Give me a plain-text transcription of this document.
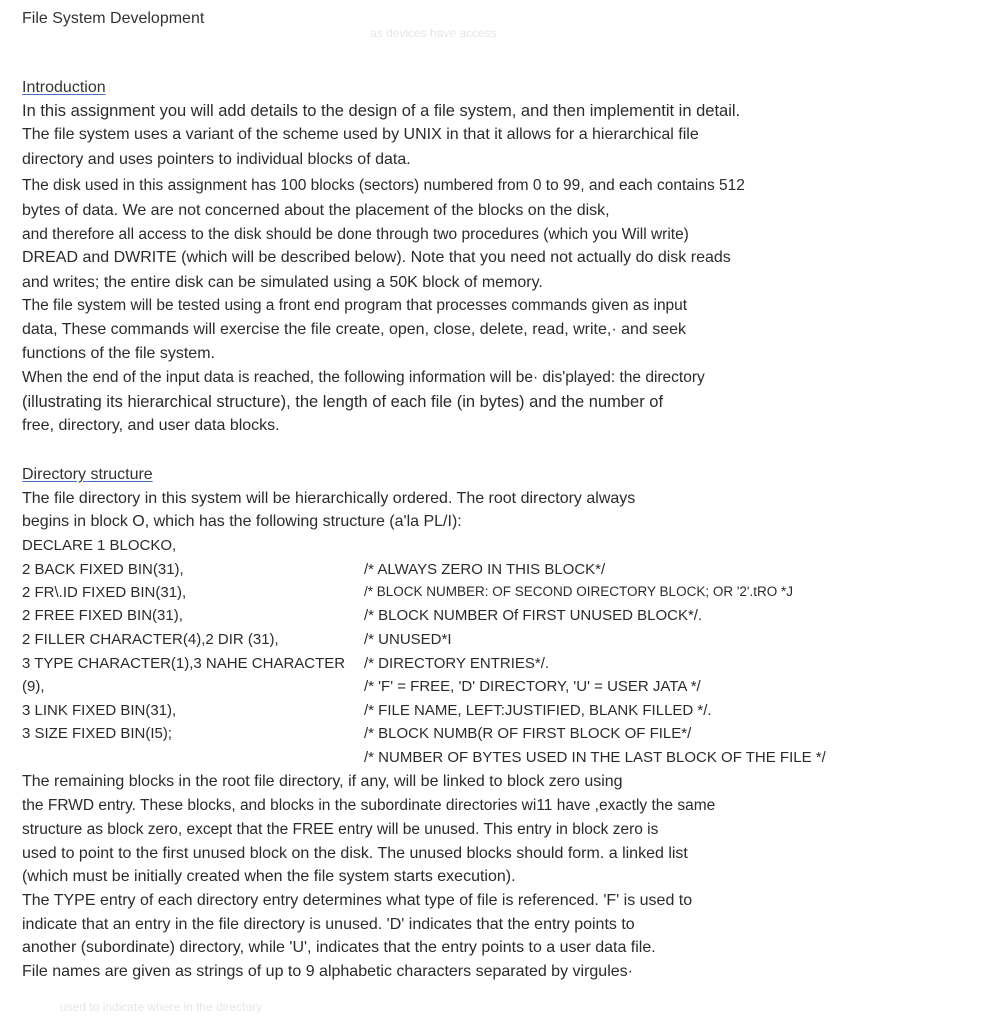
as devices have access
File System Development
Introduction
In this assignment you will add details to the design of a file system, and then implementit in detail.
The file system uses a variant of the scheme used by UNIX in that it allows for a hierarchical file
directory and uses pointers to individual blocks of data.
The disk used in this assignment has 100 blocks (sectors) numbered from 0 to 99, and each contains 512
bytes of data. We are not concerned about the placement of the blocks on the disk,
and therefore all access to the disk should be done through two procedures (which you Will write)
DREAD and DWRITE (which will be described below). Note that you need not actually do disk reads
and writes; the entire disk can be simulated using a 50K block of memory.
The file system will be tested using a front end program that processes commands given as input
data, These commands will exercise the file create, open, close, delete, read, write,· and seek
functions of the file system.
When the end of the input data is reached, the following information will be· dis'played: the directory
(illustrating its hierarchical structure), the length of each file (in bytes) and the number of
free, directory, and user data blocks.
Directory structure
The file directory in this system will be hierarchically ordered. The root directory always
begins in block O, which has the following structure (a'la PL/I):
DECLARE 1 BLOCKO,
2 BACK FIXED BIN(31),
2 FR\.ID FIXED BIN(31),
2 FREE FIXED BIN(31),
2 FILLER CHARACTER(4),2 DIR (31),
3 TYPE CHARACTER(1),3 NAHE CHARACTER
(9),
3 LINK FIXED BIN(31),
3 SIZE FIXED BIN(I5);
/* ALWAYS ZERO IN THIS BLOCK*/
/* BLOCK NUMBER: OF SECOND OIRECTORY BLOCK; OR '2'.tRO *J
/* BLOCK NUMBER Of FIRST UNUSED BLOCK*/.
/* UNUSED*I
/* DIRECTORY ENTRIES*/.
/* 'F' = FREE, 'D' DIRECTORY, 'U' = USER JATA */
/* FILE NAME, LEFT:JUSTIFIED, BLANK FILLED */.
/* BLOCK NUMB(R OF FIRST BLOCK OF FILE*/
/* NUMBER OF BYTES USED IN THE LAST BLOCK OF THE FILE */
The remaining blocks in the root file directory, if any, will be linked to block zero using
the FRWD entry. These blocks, and blocks in the subordinate directories wi11 have ,exactly the same
structure as block zero, except that the FREE entry will be unused. This entry in block zero is
used to point to the first unused block on the disk. The unused blocks should form. a linked list
(which must be initially created when the file system starts execution).
The TYPE entry of each directory entry determines what type of file is referenced. 'F' is used to
indicate that an entry in the file directory is unused. 'D' indicates that the entry points to
another (subordinate) directory, while 'U', indicates that the entry points to a user data file.
File names are given as strings of up to 9 alphabetic characters separated by virgules·
used to indicate where in the directory
